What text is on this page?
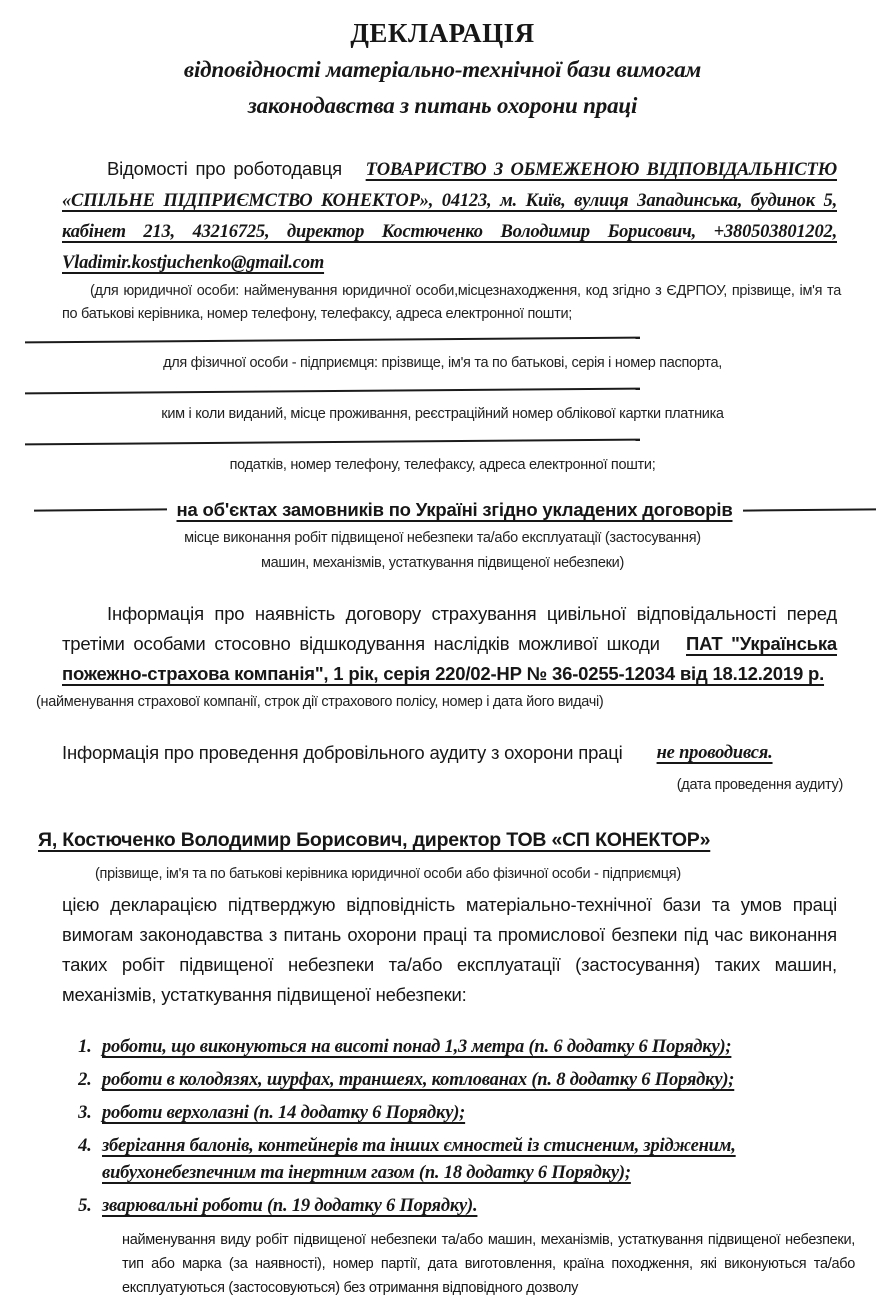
ДЕКЛАРАЦІЯ
відповідності матеріально-технічної бази вимогам
законодавства з питань охорони праці

Відомості про роботодавця ТОВАРИСТВО З ОБМЕЖЕНОЮ ВІДПОВІДАЛЬНІСТЮ «СПІЛЬНЕ ПІДПРИЄМСТВО КОНЕКТОР», 04123, м. Київ, вулиця Западинська, будинок 5, кабінет 213, 43216725, директор Костюченко Володимир Борисович, +380503801202, Vladimir.kostjuchenko@gmail.com

(для юридичної особи: найменування юридичної особи,місцезнаходження, код згідно з ЄДРПОУ, прізвище, ім'я та по батькові керівника, номер телефону, телефаксу, адреса електронної пошти;
для фізичної особи - підприємця: прізвище, ім'я та по батькові, серія і номер паспорта,
ким і коли виданий, місце проживання, реєстраційний номер облікової картки платника
податків, номер телефону, телефаксу, адреса електронної пошти;
на об'єктах замовників по Україні згідно укладених договорів
місце виконання робіт підвищеної небезпеки та/або експлуатації (застосування)
машин, механізмів, устаткування підвищеної небезпеки)

Інформація про наявність договору страхування цивільної відповідальності перед третіми особами стосовно відшкодування наслідків можливої шкоди ПАТ "Українська пожежно-страхова компанія", 1 рік, серія 220/02-НР № 36-0255-12034 від 18.12.2019 р.

(найменування страхової компанії, строк дії страхового полісу, номер і дата його видачі)
Інформація про проведення добровільного аудиту з охорони праці не проводився.
(дата проведення аудиту)
Я, Костюченко Володимир Борисович, директор ТОВ «СП КОНЕКТОР»
(прізвище, ім'я та по батькові керівника юридичної особи або фізичної особи - підприємця)

цією декларацією підтверджую відповідність матеріально-технічної бази та умов праці вимогам законодавства з питань охорони праці та промислової безпеки під час виконання таких робіт підвищеної небезпеки та/або експлуатації (застосування) таких машин, механізмів, устаткування підвищеної небезпеки:

1. роботи, що виконуються на висоті понад 1,3 метра (п. 6 додатку 6 Порядку);
2. роботи в колодязях, шурфах, траншеях, котлованах (п. 8 додатку 6 Порядку);
3. роботи верхолазні (п. 14 додатку 6 Порядку);
4. зберігання балонів, контейнерів та інших ємностей із стисненим, зрідженим, вибухонебезпечним та інертним газом (п. 18 додатку 6 Порядку);
5. зварювальні роботи (п. 19 додатку 6 Порядку).
найменування виду робіт підвищеної небезпеки та/або машин, механізмів, устаткування підвищеної небезпеки, тип або марка (за наявності), номер партії, дата виготовлення, країна походження, які виконуються та/або експлуатуються (застосовуються) без отримання відповідного дозволу
